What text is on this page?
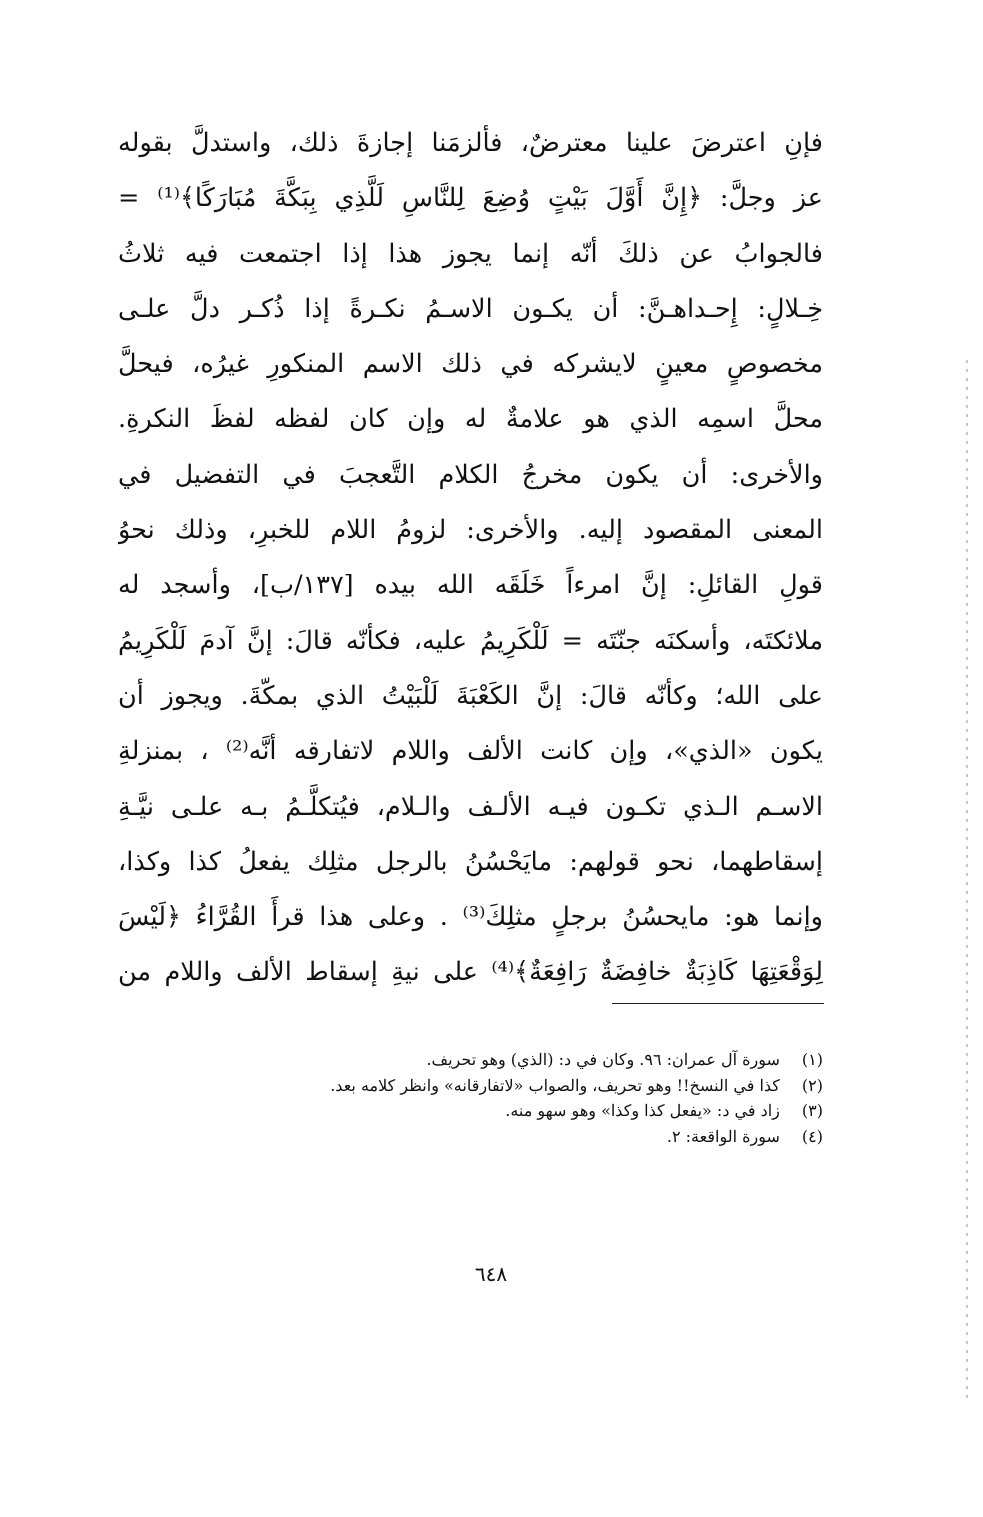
فإنِ اعترضَ علينا معترضٌ، فألزمَنا إجازةَ ذلك، واستدلَّ بقوله
عز وجلَّ: ﴿إِنَّ أَوَّلَ بَيْتٍ وُضِعَ لِلنَّاسِ لَلَّذِي بِبَكَّةَ مُبَارَكًا﴾⁽¹⁾ =
فالجوابُ عن ذلكَ أنّه إنما يجوز هذا إذا اجتمعت فيه ثلاثُ
خِـلالٍ: إِحـداهـنَّ: أن يكـون الاسـمُ نكـرةً إذا ذُكـر دلَّ علـى
مخصوصٍ معينٍ لايشركه في ذلك الاسم المنكورِ غيرُه، فيحلَّ
محلَّ اسمِه الذي هو علامةٌ له وإن كان لفظه لفظَ النكرةِ.
والأخرى: أن يكون مخرجُ الكلام التَّعجبَ في التفضيل في
المعنى المقصود إليه. والأخرى: لزومُ اللام للخبرِ، وذلك نحوُ
قولِ القائلِ: إنَّ امرءاً خَلَقَه الله بيده [١٣٧/ب]، وأسجد له
ملائكتَه، وأسكنَه جنّتَه = لَلْكَرِيمُ عليه، فكأنّه قالَ: إنَّ آدمَ لَلْكَرِيمُ
على الله؛ وكأنّه قالَ: إنَّ الكَعْبَةَ لَلْبَيْتُ الذي بمكّةَ. ويجوز أن
يكون «الذي»، وإن كانت الألف واللام لاتفارقه أنَّه⁽²⁾ ، بمنزلةِ
الاسـم الـذي تكـون فيـه الألـف والـلام، فيُتكلَّـمُ بـه علـى نيَّـةِ
إسقاطهما، نحو قولهم: مايَحْسُنُ بالرجل مثلِك يفعلُ كذا وكذا،
وإنما هو: مايحسُنُ برجلٍ مثلِكَ⁽³⁾ . وعلى هذا قرأَ القُرَّاءُ ﴿لَيْسَ
لِوَقْعَتِهَا كَاذِبَةٌ خافِضَةٌ رَافِعَةٌ﴾⁽⁴⁾ على نيةِ إسقاط الألف واللام من
(١) سورة آل عمران: ٩٦. وكان في د: (الذي) وهو تحريف.
(٢) كذا في النسخ!! وهو تحريف، والصواب «لاتفارقانه» وانظر كلامه بعد.
(٣) زاد في د: «يفعل كذا وكذا» وهو سهو منه.
(٤) سورة الواقعة: ٢.
٦٤٨
